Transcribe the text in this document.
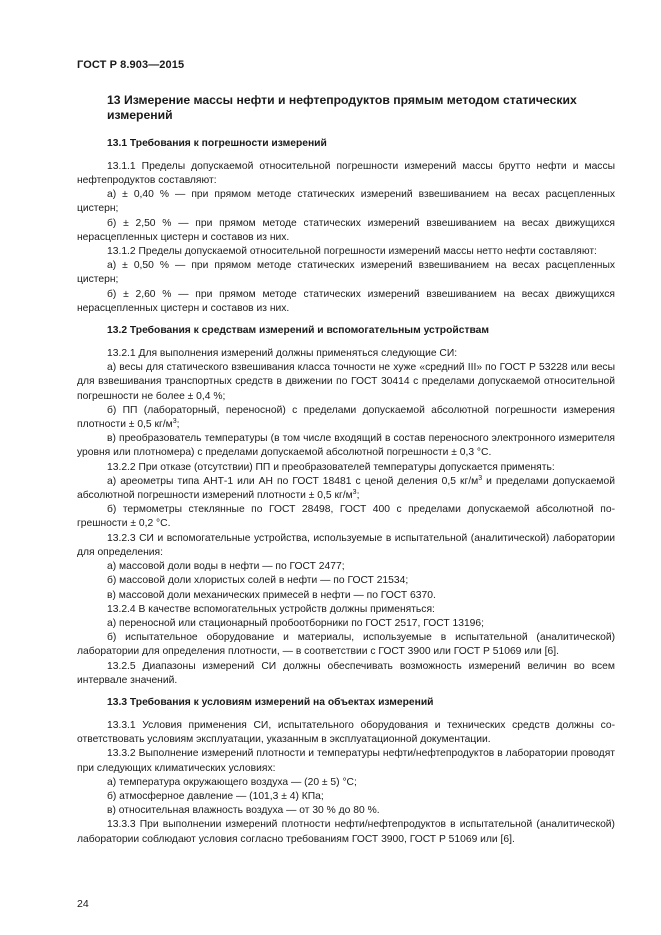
ГОСТ Р 8.903—2015
13 Измерение массы нефти и нефтепродуктов прямым методом статических измерений
13.1 Требования к погрешности измерений

13.1.1 Пределы допускаемой относительной погрешности измерений массы брутто нефти и массы нефтепродуктов составляют:

а) ± 0,40 % — при прямом методе статических измерений взвешиванием на весах расцепленных цистерн;

б) ± 2,50 % — при прямом методе статических измерений взвешиванием на весах движущихся нерасцепленных цистерн и составов из них.

13.1.2 Пределы допускаемой относительной погрешности измерений массы нетто нефти составляют:

а) ± 0,50 % — при прямом методе статических измерений взвешиванием на весах расцепленных цистерн;

б) ± 2,60 % — при прямом методе статических измерений взвешиванием на весах движущихся нерасцепленных цистерн и составов из них.

13.2 Требования к средствам измерений и вспомогательным устройствам

13.2.1 Для выполнения измерений должны применяться следующие СИ:

а) весы для статического взвешивания класса точности не хуже «средний III» по ГОСТ Р 53228 или весы для взвешивания транспортных средств в движении по ГОСТ 30414 с пределами допускаемой относительной погрешности не более ± 0,4 %;

б) ПП (лабораторный, переносной) с пределами допускаемой абсолютной погрешности измерения плотности ± 0,5 $кг/м^3$;

в) преобразователь температуры (в том числе входящий в состав переносного электронного измерителя уровня или плотномера) с пределами допускаемой абсолютной погрешности ± 0,3 °С.

13.2.2 При отказе (отсутствии) ПП и преобразователей температуры допускается применять:

а) ареометры типа АНТ-1 или АН по ГОСТ 18481 с ценой деления 0,5 $кг/м^3$ и пределами допускаемой абсолютной погрешности измерений плотности ± 0,5 $кг/м^3$;

б) термометры стеклянные по ГОСТ 28498, ГОСТ 400 с пределами допускаемой абсолютной погрешности ± 0,2 °С.

13.2.3 СИ и вспомогательные устройства, используемые в испытательной (аналитической) лаборатории для определения:

а) массовой доли воды в нефти — по ГОСТ 2477;

б) массовой доли хлористых солей в нефти — по ГОСТ 21534;

в) массовой доли механических примесей в нефти — по ГОСТ 6370.

13.2.4 В качестве вспомогательных устройств должны применяться:

а) переносной или стационарный пробоотборники по ГОСТ 2517, ГОСТ 13196;

б) испытательное оборудование и материалы, используемые в испытательной (аналитической) лаборатории для определения плотности, — в соответствии с ГОСТ 3900 или ГОСТ Р 51069 или [6].

13.2.5 Диапазоны измерений СИ должны обеспечивать возможность измерений величин во всем интервале значений.

13.3 Требования к условиям измерений на объектах измерений

13.3.1 Условия применения СИ, испытательного оборудования и технических средств должны соответствовать условиям эксплуатации, указанным в эксплуатационной документации.

13.3.2 Выполнение измерений плотности и температуры нефти/нефтепродуктов в лаборатории проводят при следующих климатических условиях:

а) температура окружающего воздуха — (20 ± 5) °С;

б) атмосферное давление — (101,3 ± 4) КПа;

в) относительная влажность воздуха — от 30 % до 80 %.

13.3.3 При выполнении измерений плотности нефти/нефтепродуктов в испытательной (аналитической) лаборатории соблюдают условия согласно требованиям ГОСТ 3900, ГОСТ Р 51069 или [6].

24
